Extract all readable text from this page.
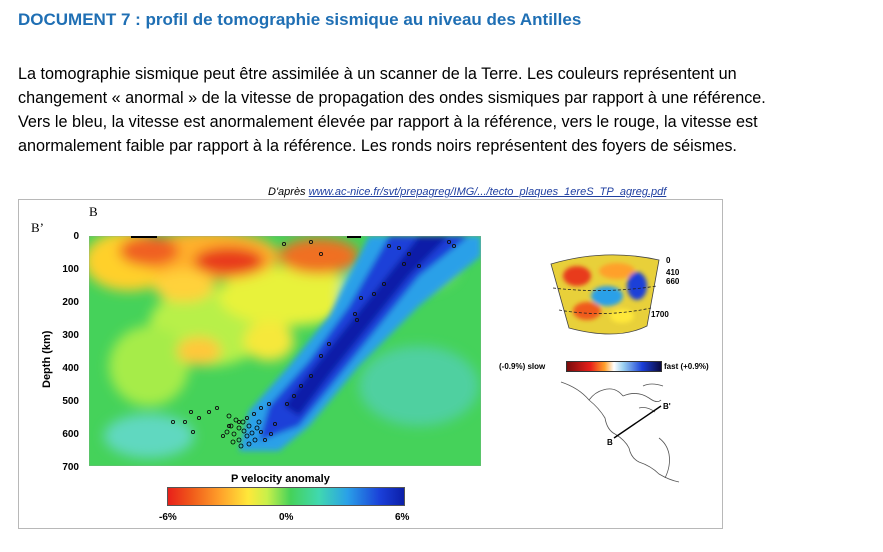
DOCUMENT 7 : profil de tomographie sismique au niveau des Antilles
La tomographie sismique peut être assimilée à un scanner de la Terre. Les couleurs représentent un
changement « anormal » de la vitesse de propagation des ondes sismiques par rapport à une référence.
Vers le bleu, la vitesse est anormalement élevée par rapport à la référence, vers le rouge, la vitesse est
anormalement faible par rapport à la référence. Les ronds noirs représentent des foyers de séismes.
D'après www.ac-nice.fr/svt/prepagreg/IMG/.../tecto_plaques_1ereS_TP_agreg.pdf
B
B’
Depth (km)
0
100
200
300
400
500
600
700
P velocity anomaly
-6%	0%	6%
0
410
660
1700
(-0.9%) slow	fast (+0.9%)
B
B'
